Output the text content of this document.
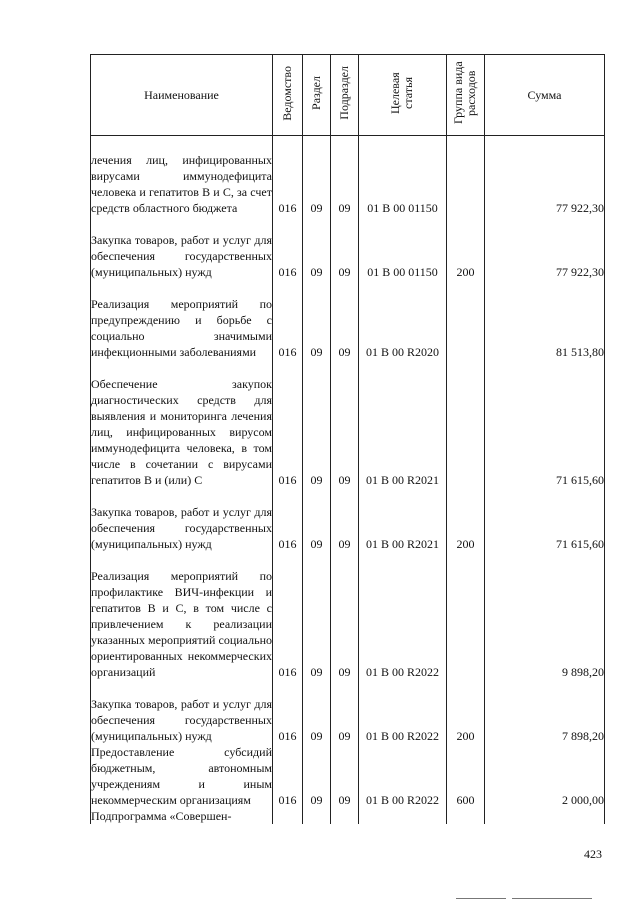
Наименование	Ведомство	Раздел	Подраздел	Целевая статья	Группа вида расходов	Сумма
лечения лиц, инфицированных вирусами иммунодефицита человека и гепатитов В и С, за счет средств областного бюджета	016	09	09	01 В 00 01150		77 922,30
Закупка товаров, работ и услуг для обеспечения государственных (муниципальных) нужд	016	09	09	01 В 00 01150	200	77 922,30
Реализация мероприятий по предупреждению и борьбе с социально значимыми инфекционными заболеваниями	016	09	09	01 В 00 R2020		81 513,80
Обеспечение закупок диагностических средств для выявления и мониторинга лечения лиц, инфицированных вирусом иммунодефицита человека, в том числе в сочетании с вирусами гепатитов В и (или) С	016	09	09	01 В 00 R2021		71 615,60
Закупка товаров, работ и услуг для обеспечения государственных (муниципальных) нужд	016	09	09	01 В 00 R2021	200	71 615,60
Реализация мероприятий по профилактике ВИЧ-инфекции и гепатитов В и С, в том числе с привлечением к реализации указанных мероприятий социально ориентированных некоммерческих организаций	016	09	09	01 В 00 R2022		9 898,20
Закупка товаров, работ и услуг для обеспечения государственных (муниципальных) нужд	016	09	09	01 В 00 R2022	200	7 898,20
Предоставление субсидий бюджетным, автономным учреждениям и иным некоммерческим организациям	016	09	09	01 В 00 R2022	600	2 000,00
Подпрограмма «Совершен-						
423
